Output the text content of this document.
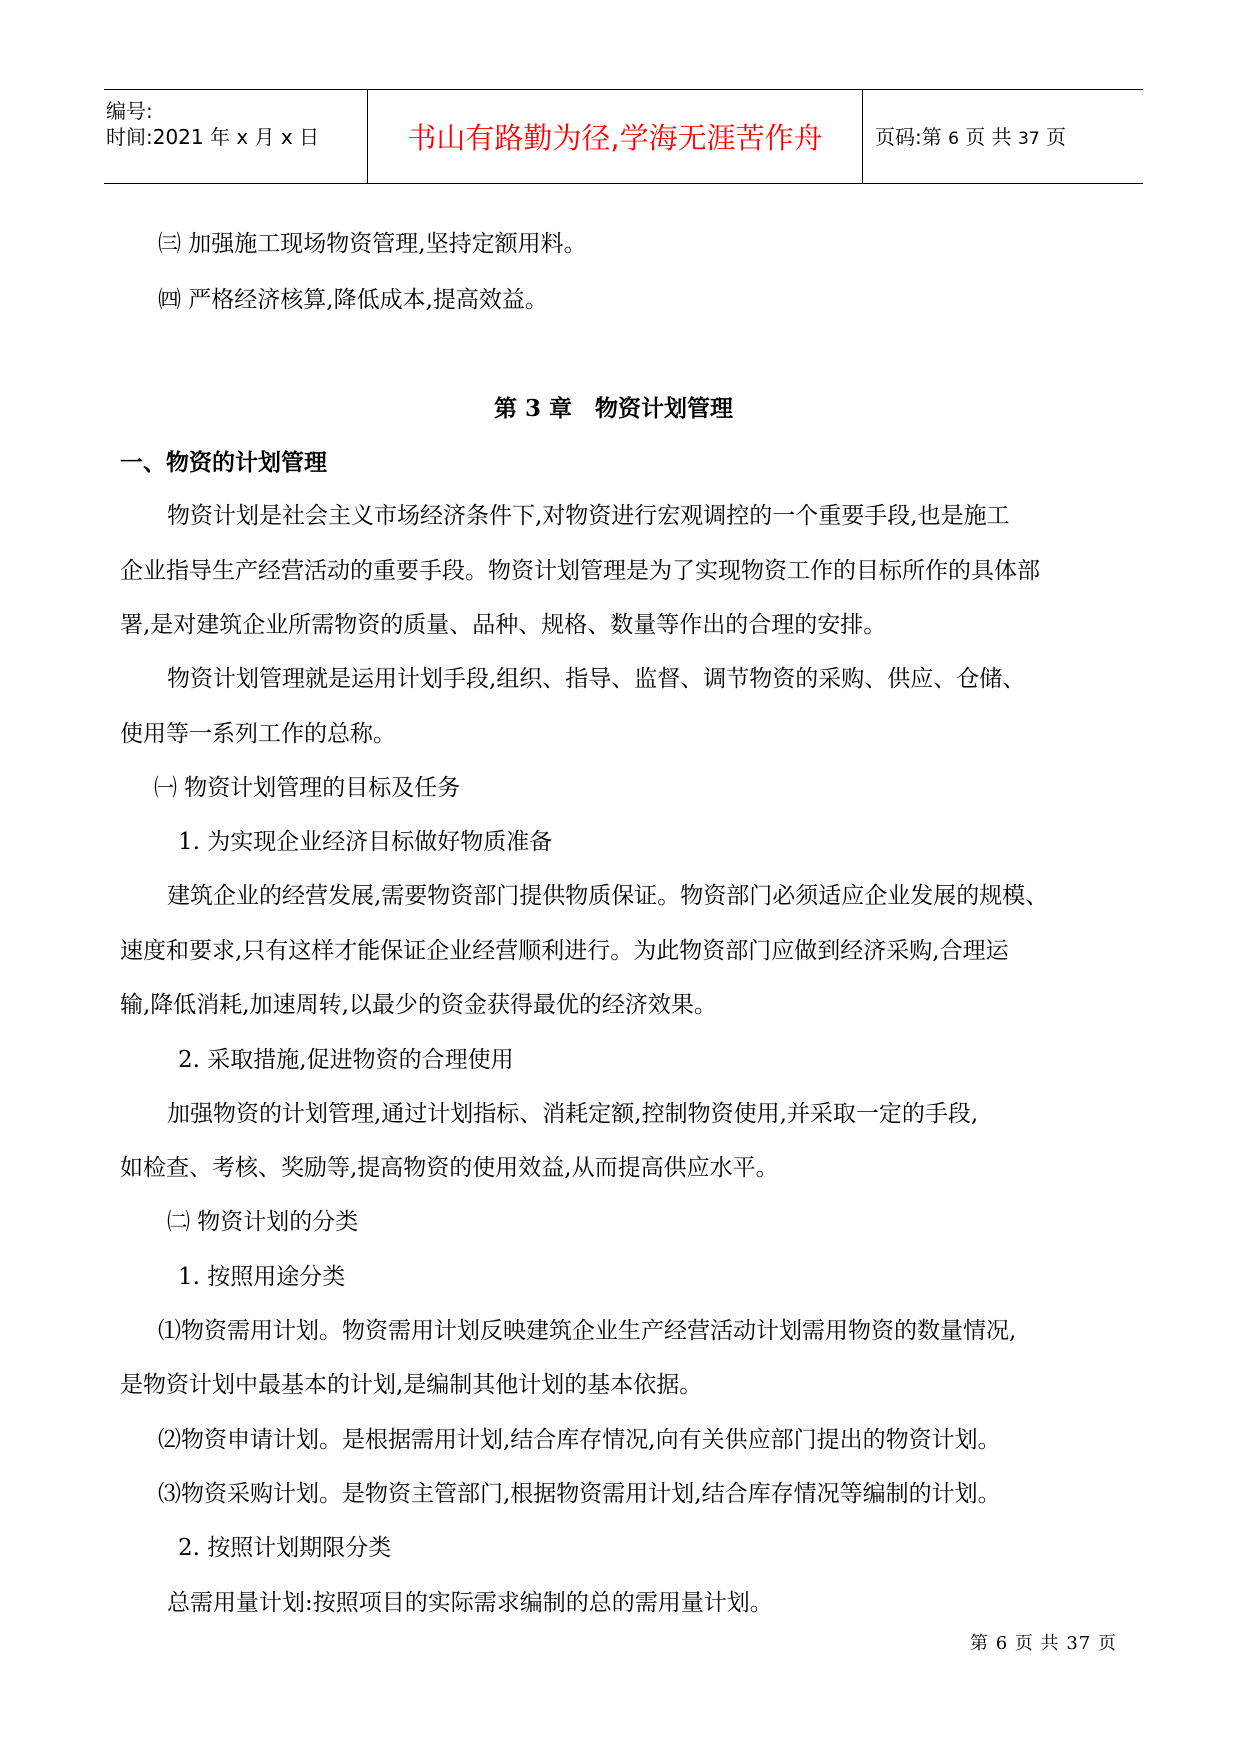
编号:
时间:2021 年 x 月 x 日	书山有路勤为径,学海无涯苦作舟	页码:第 6 页 共 37 页
㈢ 加强施工现场物资管理,坚持定额用料。
㈣ 严格经济核算,降低成本,提高效益。
第 3 章　物资计划管理
一、物资的计划管理
物资计划是社会主义市场经济条件下,对物资进行宏观调控的一个重要手段,也是施工
企业指导生产经营活动的重要手段。物资计划管理是为了实现物资工作的目标所作的具体部
署,是对建筑企业所需物资的质量、品种、规格、数量等作出的合理的安排。
物资计划管理就是运用计划手段,组织、指导、监督、调节物资的采购、供应、仓储、
使用等一系列工作的总称。
㈠ 物资计划管理的目标及任务
1. 为实现企业经济目标做好物质准备
建筑企业的经营发展,需要物资部门提供物质保证。物资部门必须适应企业发展的规模、
速度和要求,只有这样才能保证企业经营顺利进行。为此物资部门应做到经济采购,合理运
输,降低消耗,加速周转,以最少的资金获得最优的经济效果。
2. 采取措施,促进物资的合理使用
加强物资的计划管理,通过计划指标、消耗定额,控制物资使用,并采取一定的手段,
如检查、考核、奖励等,提高物资的使用效益,从而提高供应水平。
㈡ 物资计划的分类
1. 按照用途分类
⑴物资需用计划。物资需用计划反映建筑企业生产经营活动计划需用物资的数量情况,
是物资计划中最基本的计划,是编制其他计划的基本依据。
⑵物资申请计划。是根据需用计划,结合库存情况,向有关供应部门提出的物资计划。
⑶物资采购计划。是物资主管部门,根据物资需用计划,结合库存情况等编制的计划。
2. 按照计划期限分类
总需用量计划:按照项目的实际需求编制的总的需用量计划。
第 6 页 共 37 页
